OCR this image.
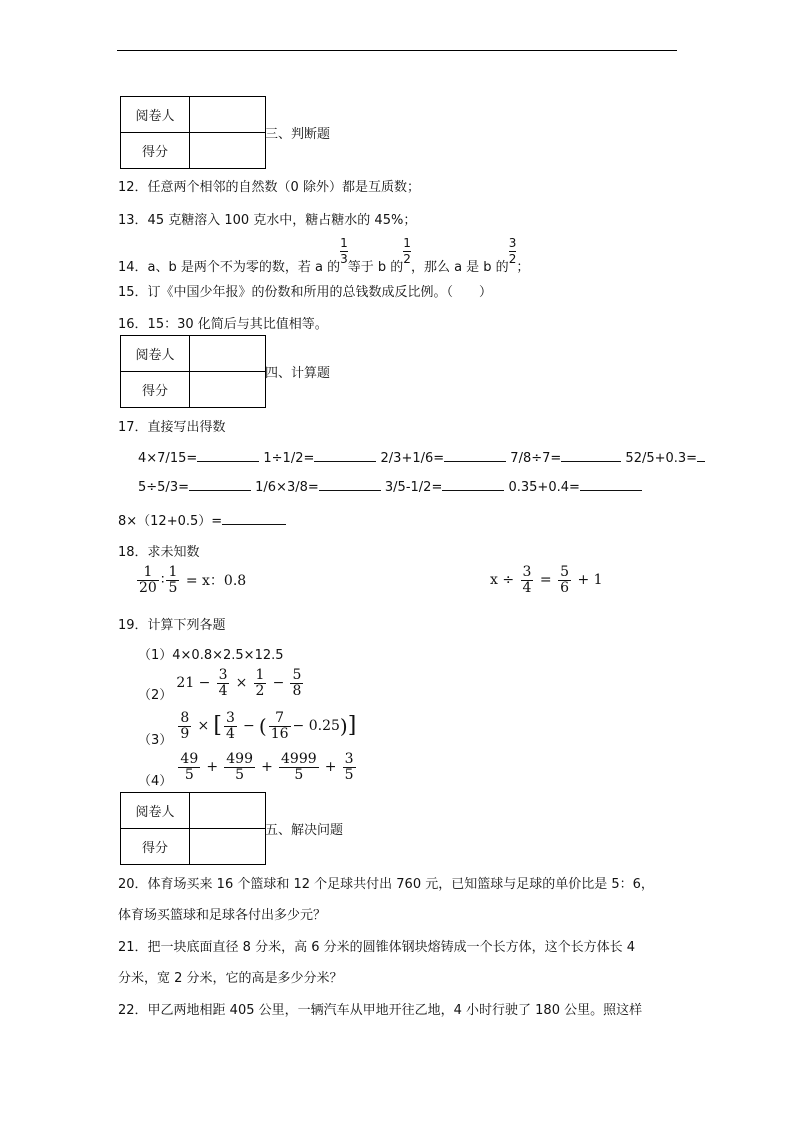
阅卷人	
得分	
三、判断题
12．任意两个相邻的自然数（0 除外）都是互质数；
13．45 克糖溶入 100 克水中，糖占糖水的 45%；
14．a、b 是两个不为零的数，若 a 的
1
3等于 b 的
1
2，那么 a 是 b 的
3
2；
15．订《中国少年报》的份数和所用的总钱数成反比例。（　　）
16．15：30 化简后与其比值相等。
阅卷人	
得分	
四、计算题
17．直接写出得数
4×7/15=	1÷1/2=	2/3+1/6=	7/8÷7=	52/5+0.3=
5÷5/3=	1/6×3/8=	3/5-1/2=	0.35+0.4=
8×（12+0.5）=
18．求未知数
$\frac{1}{20}$ ∶ $\frac{1}{5} = x$：0.8	$x \div \frac{3}{4} = \frac{5}{6} + 1$
19．计算下列各题
（1）4×0.8×2.5×12.5
（2） $21 - \frac{3}{4} \times \frac{1}{2} - \frac{5}{8}$
$(3) \frac{8}{9}$ × [ $\frac{3}{4}$ − ( $\frac{7}{16} - 0.25$)]
$(4) \frac{49}{5} + \frac{499}{5} + \frac{4999}{5} + \frac{3}{5}$
阅卷人	
得分	
五、解决问题
20．体育场买来 16 个篮球和 12 个足球共付出 760 元，已知篮球与足球的单价比是 5：6，
体育场买篮球和足球各付出多少元？
21．把一块底面直径 8 分米，高 6 分米的圆锥体钢块熔铸成一个长方体，这个长方体长 4
分米，宽 2 分米，它的高是多少分米？
22．甲乙两地相距 405 公里，一辆汽车从甲地开往乙地，4 小时行驶了 180 公里。照这样
